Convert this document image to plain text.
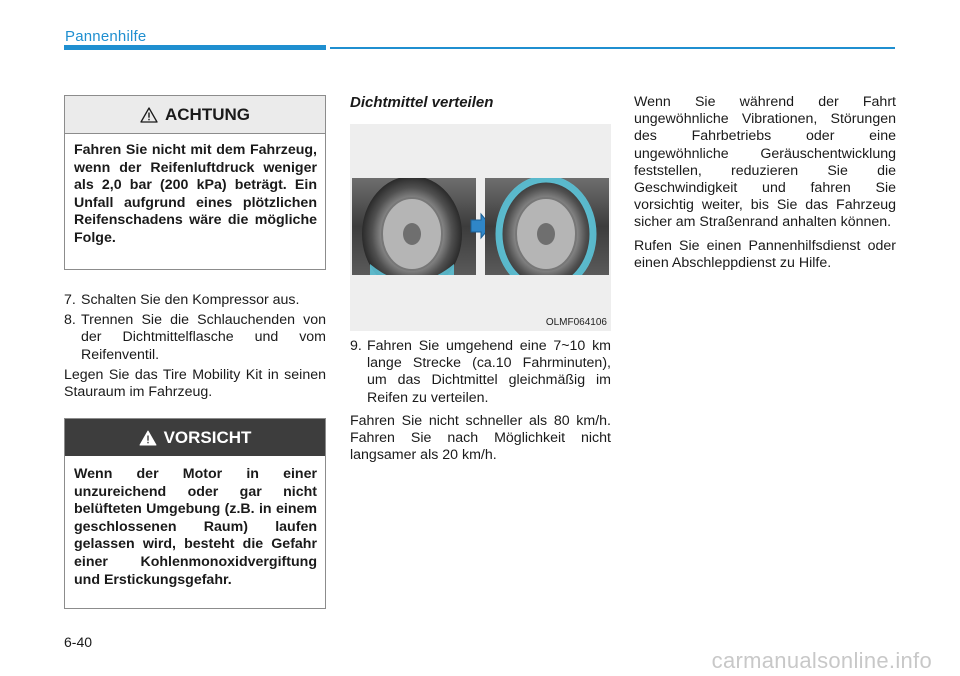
Pannenhilfe
ACHTUNG
Fahren Sie nicht mit dem Fahrzeug, wenn der Reifenluftdruck weniger als 2,0 bar (200 kPa) beträgt. Ein Unfall aufgrund eines plötzlichen Reifenschadens wäre die mögliche Folge.
7. Schalten Sie den Kompressor aus.
8. Trennen Sie die Schlauchenden von der Dichtmittelflasche und vom Reifenventil.

Legen Sie das Tire Mobility Kit in seinen Stauraum im Fahrzeug.

VORSICHT
Wenn der Motor in einer unzureichend oder gar nicht belüfteten Umgebung (z.B. in einem geschlossenen Raum) laufen gelassen wird, besteht die Gefahr einer Kohlenmonoxidvergiftung und Erstickungsgefahr.
Dichtmittel verteilen
OLMF064106
9. Fahren Sie umgehend eine 7~10 km lange Strecke (ca.10 Fahrminuten), um das Dichtmittel gleichmäßig im Reifen zu verteilen.

Fahren Sie nicht schneller als 80 km/h. Fahren Sie nach Möglichkeit nicht langsamer als 20 km/h.

Wenn Sie während der Fahrt ungewöhnliche Vibrationen, Störungen des Fahrbetriebs oder eine ungewöhnliche Geräuschentwicklung feststellen, reduzieren Sie die Geschwindigkeit und fahren Sie vorsichtig weiter, bis Sie das Fahrzeug sicher am Straßenrand anhalten können.

Rufen Sie einen Pannenhilfsdienst oder einen Abschleppdienst zu Hilfe.

6-40
carmanualsonline.info
